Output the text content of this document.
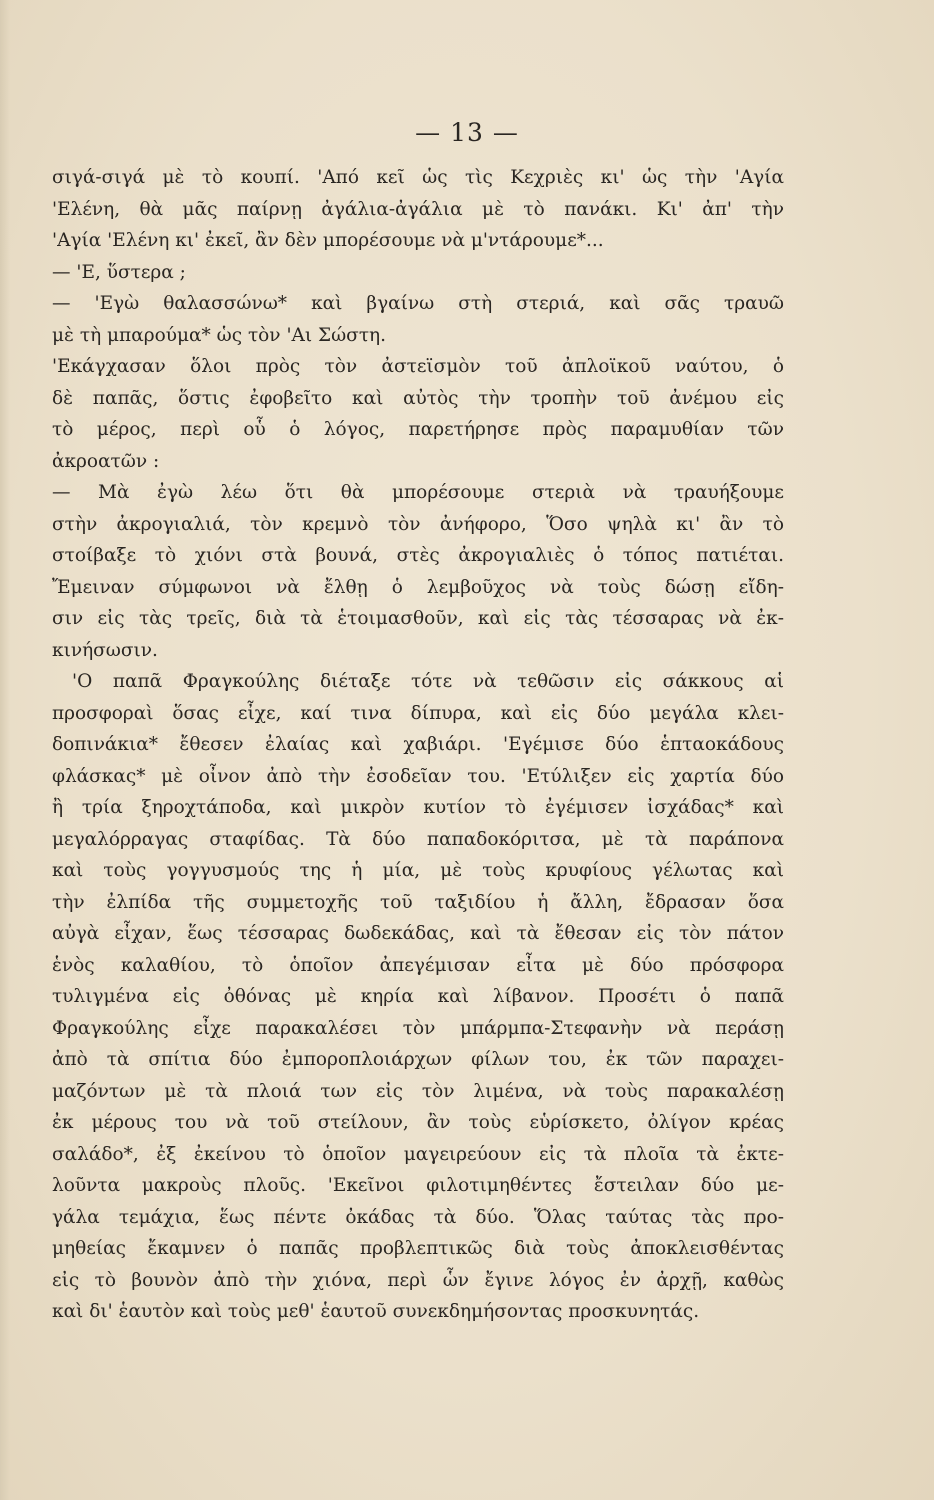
— 13 —
σιγά-σιγά μὲ τὸ κουπί. 'Από κεῖ ὡς τὶς Κεχριὲς κι' ὡς τὴν 'Αγία
'Ελένη, θὰ μᾶς παίρνῃ ἀγάλια-ἀγάλια μὲ τὸ πανάκι. Κι' ἀπ' τὴν
'Αγία 'Ελένη κι' ἐκεῖ, ἂν δὲν μπορέσουμε νὰ μ'ντάρουμε*...
— 'Ε, ὕστερα ;
— 'Εγὼ θαλασσώνω* καὶ βγαίνω στὴ στεριά, καὶ σᾶς τραυῶ
μὲ τὴ μπαρούμα* ὡς τὸν 'Αι Σώστη.
'Εκάγχασαν ὅλοι πρὸς τὸν ἀστεϊσμὸν τοῦ ἀπλοϊκοῦ ναύτου, ὁ
δὲ παπᾶς, ὅστις ἐφοβεῖτο καὶ αὐτὸς τὴν τροπὴν τοῦ ἀνέμου εἰς
τὸ μέρος, περὶ οὗ ὁ λόγος, παρετήρησε πρὸς παραμυθίαν τῶν
ἀκροατῶν :
— Μὰ ἐγὼ λέω ὅτι θὰ μπορέσουμε στεριὰ νὰ τραυήξουμε
στὴν ἀκρογιαλιά, τὸν κρεμνὸ τὸν ἀνήφορο, Ὅσο ψηλὰ κι' ἂν τὸ
στοίβαξε τὸ χιόνι στὰ βουνά, στὲς ἀκρογιαλιὲς ὁ τόπος πατιέται.
Ἔμειναν σύμφωνοι νὰ ἔλθῃ ὁ λεμβοῦχος νὰ τοὺς δώσῃ εἴδη-
σιν εἰς τὰς τρεῖς, διὰ τὰ ἑτοιμασθοῦν, καὶ εἰς τὰς τέσσαρας νὰ ἐκ-
κινήσωσιν.
'Ο παπᾶ Φραγκούλης διέταξε τότε νὰ τεθῶσιν εἰς σάκκους αἱ
προσφοραὶ ὅσας εἶχε, καί τινα δίπυρα, καὶ εἰς δύο μεγάλα κλει-
δοπινάκια* ἔθεσεν ἐλαίας καὶ χαβιάρι. 'Εγέμισε δύο ἑπταοκάδους
φλάσκας* μὲ οἶνον ἀπὸ τὴν ἐσοδεῖαν του. 'Ετύλιξεν εἰς χαρτία δύο
ἢ τρία ξηροχτάποδα, καὶ μικρὸν κυτίον τὸ ἐγέμισεν ἰσχάδας* καὶ
μεγαλόρραγας σταφίδας. Τὰ δύο παπαδοκόριτσα, μὲ τὰ παράπονα
καὶ τοὺς γογγυσμούς της ἡ μία, μὲ τοὺς κρυφίους γέλωτας καὶ
τὴν ἐλπίδα τῆς συμμετοχῆς τοῦ ταξιδίου ἡ ἄλλη, ἔδρασαν ὅσα
αὐγὰ εἶχαν, ἕως τέσσαρας δωδεκάδας, καὶ τὰ ἔθεσαν εἰς τὸν πάτον
ἑνὸς καλαθίου, τὸ ὁποῖον ἀπεγέμισαν εἶτα μὲ δύο πρόσφορα
τυλιγμένα εἰς ὀθόνας μὲ κηρία καὶ λίβανον. Προσέτι ὁ παπᾶ
Φραγκούλης εἶχε παρακαλέσει τὸν μπάρμπα-Στεφανὴν νὰ περάσῃ
ἀπὸ τὰ σπίτια δύο ἐμποροπλοιάρχων φίλων του, ἐκ τῶν παραχει-
μαζόντων μὲ τὰ πλοιά των εἰς τὸν λιμένα, νὰ τοὺς παρακαλέσῃ
ἐκ μέρους του νὰ τοῦ στείλουν, ἂν τοὺς εὑρίσκετο, ὀλίγον κρέας
σαλάδο*, ἐξ ἐκείνου τὸ ὁποῖον μαγειρεύουν εἰς τὰ πλοῖα τὰ ἐκτε-
λοῦντα μακροὺς πλοῦς. 'Εκεῖνοι φιλοτιμηθέντες ἔστειλαν δύο με-
γάλα τεμάχια, ἕως πέντε ὀκάδας τὰ δύο. Ὅλας ταύτας τὰς προ-
μηθείας ἔκαμνεν ὁ παπᾶς προβλεπτικῶς διὰ τοὺς ἀποκλεισθέντας
εἰς τὸ βουνὸν ἀπὸ τὴν χιόνα, περὶ ὧν ἔγινε λόγος ἐν ἀρχῇ, καθὼς
καὶ δι' ἑαυτὸν καὶ τοὺς μεθ' ἑαυτοῦ συνεκδημήσοντας προσκυνητάς.
